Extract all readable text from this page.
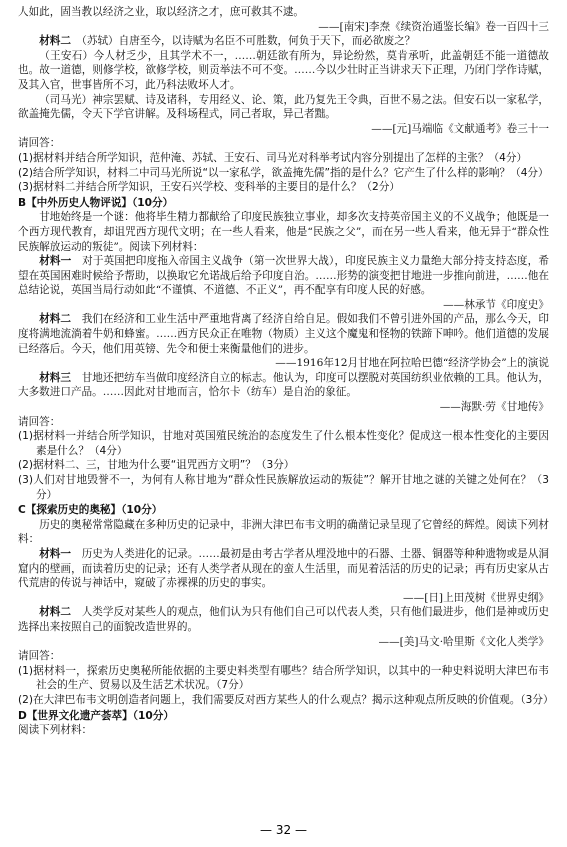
人如此，固当教以经济之业，取以经济之才，庶可救其不逮。

——[南宋]李焘《续资治通鉴长编》卷一百四十三

材料二　 （苏轼）自唐至今，以诗赋为名臣不可胜数，何负于天下，而必欲废之？

（王安石）今人材乏少，且其学术不一，……朝廷欲有所为，异论纷然，莫肯承听，此盖朝廷不能一道德故也。故一道德，则修学校，欲修学校，则贡举法不可不变。……今以少壮时正当讲求天下正理，乃闭门学作诗赋，及其入官，世事皆所不习，此乃科法败坏人才。

（司马光）神宗罢赋、诗及诸科，专用经义、论、策，此乃复先王令典，百世不易之法。但安石以一家私学，欲盖掩先儒，令天下学官讲解。及科场程式，同己者取，异己者黜。

——[元]马端临《文献通考》卷三十一

请回答：

(1)据材料并结合所学知识，范仲淹、苏轼、王安石、司马光对科举考试内容分别提出了怎样的主张？（4分）

(2)结合所学知识，材料二中司马光所说“以一家私学，欲盖掩先儒”指的是什么？它产生了什么样的影响？（4分）

(3)据材料二并结合所学知识，王安石兴学校、变科举的主要目的是什么？（2分）

B【中外历史人物评说】（10分）

甘地始终是一个谜：他将毕生精力都献给了印度民族独立事业，却多次支持英帝国主义的不义战争；他既是一个西方现代教育，却诅咒西方现代文明；在一些人看来，他是“民族之父”，而在另一些人看来，他无异于“群众性民族解放运动的叛徒”。阅读下列材料：

材料一　 对于英国把印度拖入帝国主义战争（第一次世界大战），印度民族主义力量绝大部分持支持态度，希望在英国困难时候给予帮助，以换取它允诺战后给予印度自治。……形势的演变把甘地进一步推向前进，……他在总结论说，英国当局行动如此“不谨慎、不道德、不正义”，再不配享有印度人民的好感。

——林承节《印度史》

材料二　 我们在经济和工业生活中严重地背离了经济自给自足。假如我们不曾引进外国的产品，那么今天，印度将满地流淌着牛奶和蜂蜜。……西方民众正在唯物（物质）主义这个魔鬼和怪物的铁蹄下呻吟。他们道德的发展已经落后。今天，他们用英镑、先令和便士来衡量他们的进步。

——1916年12月甘地在阿拉哈巴德“经济学协会”上的演说

材料三　 甘地还把纺车当做印度经济自立的标志。他认为，印度可以摆脱对英国纺织业依赖的工具。他认为，大多数进口产品。……因此对甘地而言，恰尔卡（纺车）是自治的象征。

——海默·劳《甘地传》

请回答：

(1)据材料一并结合所学知识，甘地对英国殖民统治的态度发生了什么根本性变化？促成这一根本性变化的主要因素是什么？（4分）

(2)据材料二、三，甘地为什么要“诅咒西方文明”？（3分）

(3)人们对甘地毁誉不一，为何有人称甘地为“群众性民族解放运动的叛徒”？解开甘地之谜的关键之处何在？（3分）

C【探索历史的奥秘】（10分）

历史的奥秘常常隐藏在多种历史的记录中，非洲大津巴布韦文明的确凿记录呈现了它曾经的辉煌。阅读下列材料：

材料一　 历史为人类进化的记录。……最初是由考古学者从埋没地中的石器、土器、铜器等种种遗物或是从洞窟内的壁画，而读着历史的记录；还有人类学者从现在的蛮人生活里，而见着活活的历史的记录；再有历史家从古代荒唐的传说与神话中，窥破了赤裸裸的历史的事实。

——[日]上田茂树《世界史纲》

材料二　 人类学反对某些人的观点，他们认为只有他们自己可以代表人类，只有他们最进步，他们是神或历史选择出来按照自己的面貌改造世界的。

——[美]马文·哈里斯《文化人类学》

请回答：

(1)据材料一，探索历史奥秘所能依据的主要史料类型有哪些？结合所学知识，以其中的一种史料说明大津巴布韦社会的生产、贸易以及生活艺术状况。（7分）

(2)在大津巴布韦文明创造者问题上，我们需要反对西方某些人的什么观点？揭示这种观点所反映的价值观。（3分）

D【世界文化遗产荟萃】（10分）

阅读下列材料：

— 32 —
